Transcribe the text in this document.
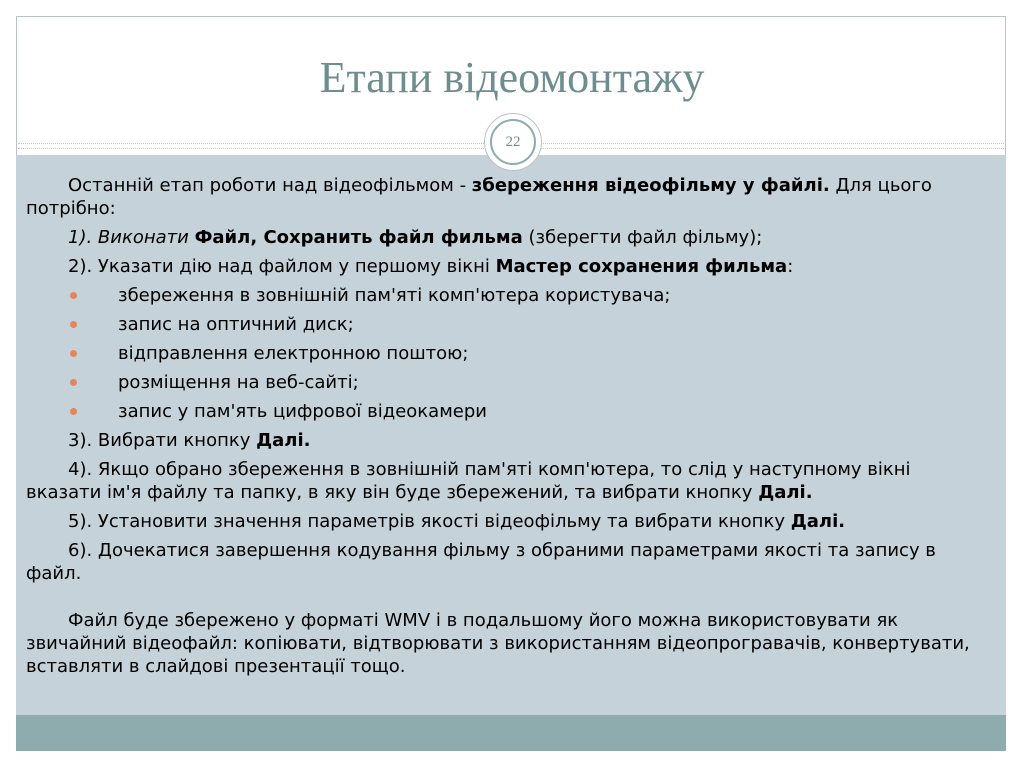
Етапи відеомонтажу
22

Останній етап роботи над відеофільмом - збереження відеофільму у файлі. Для цього потрібно:

1). Виконати Файл, Сохранить файл фильма (зберегти файл фільму);

2). Указати дію над файлом у першому вікні Мастер сохранения фильма:

збереження в зовнішній пам'яті комп'ютера користувача;
запис на оптичний диск;
відправлення електронною поштою;
розміщення на веб-сайті;
запис у пам'ять цифрової відеокамери

3). Вибрати кнопку Далі.

4). Якщо обрано збереження в зовнішній пам'яті комп'ютера, то слід у наступному вікні вказати ім'я файлу та папку, в яку він буде збережений, та вибрати кнопку Далі.

5). Установити значення параметрів якості відеофільму та вибрати кнопку Далі.

6). Дочекатися завершення кодування фільму з обраними параметрами якості та запису в файл.

Файл буде збережено у форматі WMV і в подальшому його можна використовувати як звичайний відеофайл: копіювати, відтворювати з використанням відеопрогравачів, конвертувати, вставляти в слайдові презентації тощо.
